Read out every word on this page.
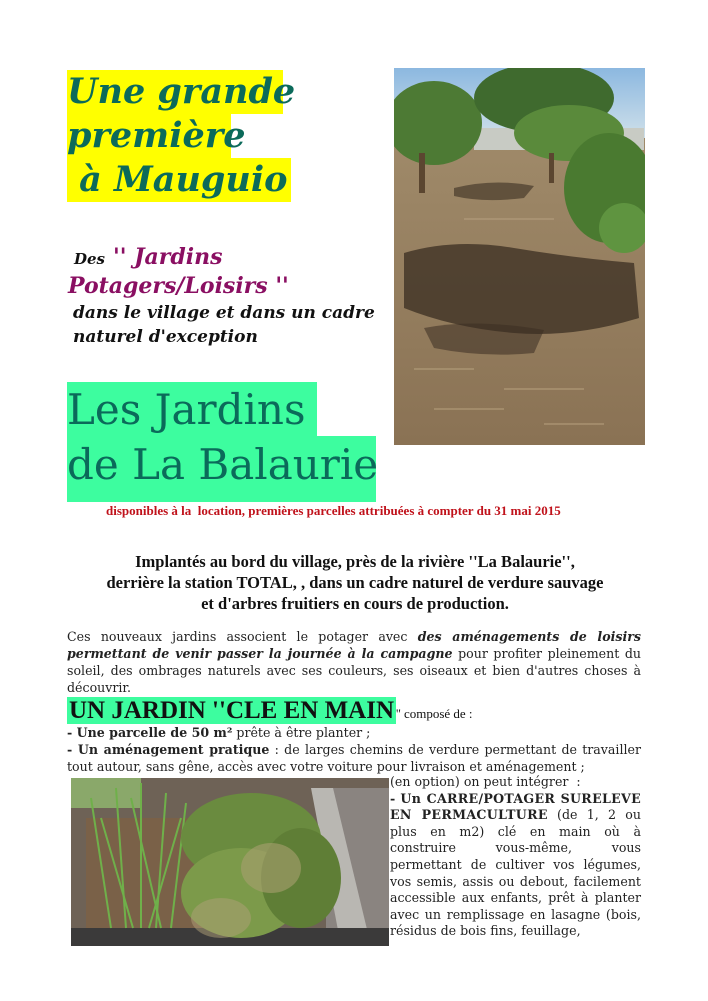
Une grande
première
à Mauguio
Des '' Jardins
Potagers/Loisirs ''
dans le village et dans un cadre
naturel d'exception
Les Jardins
de La Balaurie
disponibles à la  location, premières parcelles attribuées à compter du 31 mai 2015
Implantés au bord du village, près de la rivière ''La Balaurie'',
derrière la station TOTAL, , dans un cadre naturel de verdure sauvage
et d'arbres fruitiers en cours de production.
Ces nouveaux jardins associent le potager avec des aménagements de loisirs permettant de venir passer la journée à la campagne pour profiter pleinement du soleil, des ombrages naturels avec ses couleurs, ses oiseaux et bien d'autres choses à découvrir.
UN JARDIN ''CLE EN MAIN '' composé de :
- Une parcelle de 50 m² prête à être planter ;
- Un aménagement pratique : de larges chemins de verdure permettant de travailler tout autour, sans gêne, accès avec votre voiture pour livraison et aménagement ;
(en option) on peut intégrer  :
- Un CARRE/POTAGER SURELEVE EN PERMACULTURE (de 1, 2 ou plus en m2) clé en main où à construire vous-même, vous permettant de cultiver vos légumes, vos semis, assis ou debout, facilement accessible aux enfants, prêt à planter avec un remplissage en lasagne (bois, résidus de bois fins, feuillage,
